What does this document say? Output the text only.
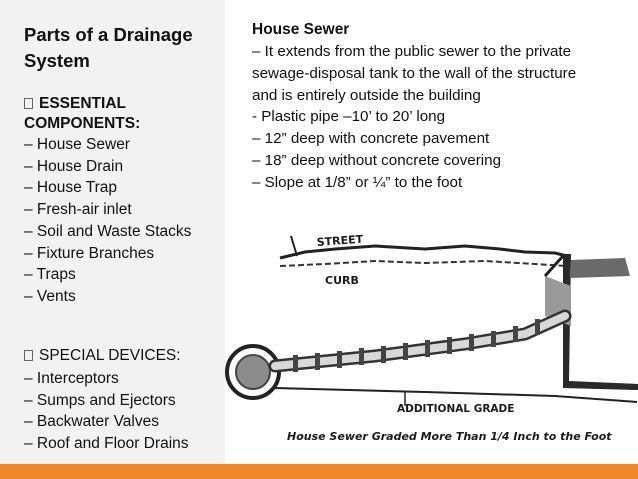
Parts of a Drainage System

ESSENTIAL COMPONENTS:

– House Sewer
– House Drain
– House Trap
– Fresh-air inlet
– Soil and Waste Stacks
– Fixture Branches
– Traps
– Vents

SPECIAL DEVICES:

– Interceptors
– Sumps and Ejectors
– Backwater Valves
– Roof and Floor Drains
House Sewer

– It extends from the public sewer to the private

sewage-disposal tank to the wall of the structure

and is entirely outside the building

- Plastic pipe –10’ to 20’ long

– 12” deep with concrete pavement

– 18” deep without concrete covering

– Slope at 1/8” or ¼” to the foot

STREET
CURB
ADDITIONAL GRADE
House Sewer Graded More Than 1/4 Inch to the Foot
